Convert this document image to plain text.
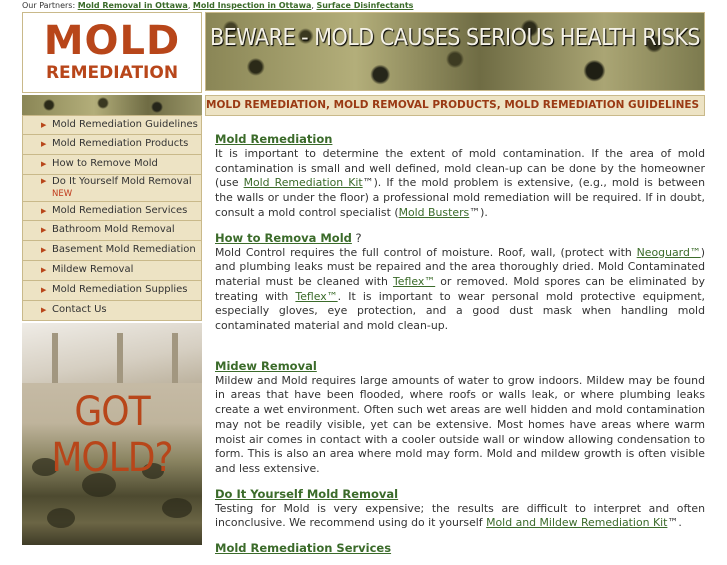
Our Partners: Mold Removal in Ottawa, Mold Inspection in Ottawa, Surface Disinfectants
MOLD
REMEDIATION
BEWARE - MOLD CAUSES SERIOUS HEALTH RISKS
MOLD REMEDIATION, MOLD REMOVAL PRODUCTS, MOLD REMEDIATION GUIDELINES
▶ Mold Remediation Guidelines
▶ Mold Remediation Products
▶ How to Remove Mold
▶ Do It Yourself Mold Removal
NEW
▶ Mold Remediation Services
▶ Bathroom Mold Removal
▶ Basement Mold Remediation
▶ Mildew Removal
▶ Mold Remediation Supplies
▶ Contact Us
GOT MOLD?
Mold Remediation

It is important to determine the extent of mold contamination. If the area of mold contamination is small and well defined, mold clean-up can be done by the homeowner (use Mold Remediation Kit™). If the mold problem is extensive, (e.g., mold is between the walls or under the floor) a professional mold remediation will be required. If in doubt, consult a mold control specialist (Mold Busters™).

How to Remova Mold ?

Mold Control requires the full control of moisture. Roof, wall, (protect with Neoguard™) and plumbing leaks must be repaired and the area thoroughly dried. Mold Contaminated material must be cleaned with Teflex™ or removed. Mold spores can be eliminated by treating with Teflex™. It is important to wear personal mold protective equipment, especially gloves, eye protection, and a good dust mask when handling mold contaminated material and mold clean-up.

Midew Removal

Mildew and Mold requires large amounts of water to grow indoors. Mildew may be found in areas that have been flooded, where roofs or walls leak, or where plumbing leaks create a wet environment. Often such wet areas are well hidden and mold contamination may not be readily visible, yet can be extensive. Most homes have areas where warm moist air comes in contact with a cooler outside wall or window allowing condensation to form. This is also an area where mold may form. Mold and mildew growth is often visible and less extensive.

Do It Yourself Mold Removal

Testing for Mold is very expensive; the results are difficult to interpret and often inconclusive. We recommend using do it yourself Mold and Mildew Remediation Kit™.

Mold Remediation Services
